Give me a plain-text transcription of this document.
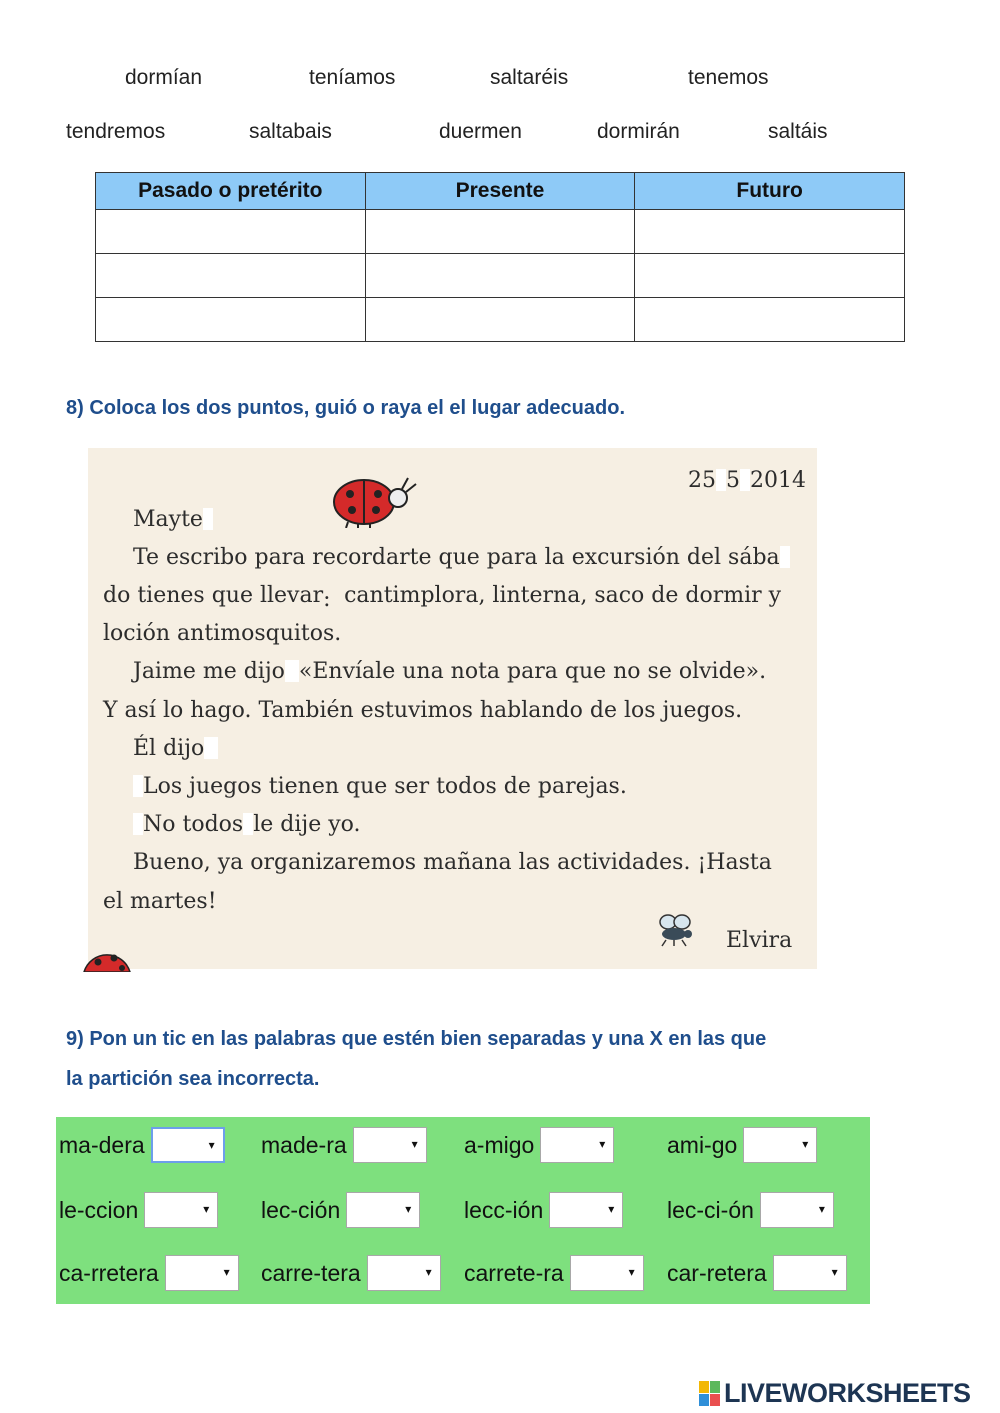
dormían	teníamos	saltaréis	tenemos
tendremos	saltabais	duermen	dormirán	saltáis
Pasado o pretérito	Presente	Futuro

8) Coloca los dos puntos, guió o raya el el lugar adecuado.
25 5 2014
Mayte
Te escribo para recordarte que para la excursión del sába
do tienes que llevar: cantimplora, linterna, saco de dormir y
loción antimosquitos.
Jaime me dijo «Envíale una nota para que no se olvide».
Y así lo hago. También estuvimos hablando de los juegos.
Él dijo
Los juegos tienen que ser todos de parejas.
No todos le dije yo.
Bueno, ya organizaremos mañana las actividades. ¡Hasta
el martes!
Elvira
9) Pon un tic en las palabras que estén bien separadas y una X en las que
la partición sea incorrecta.
ma-dera	▾ made-ra	▾ a-migo	▾	ami-go	▾
le-ccion	▾ lec-ción	▾ lecc-ión	▾ lec-ci-ón	▾
ca-rretera	▾ carre-tera	▾ carrete-ra	▾ car-retera	▾
LIVEWORKSHEETS
